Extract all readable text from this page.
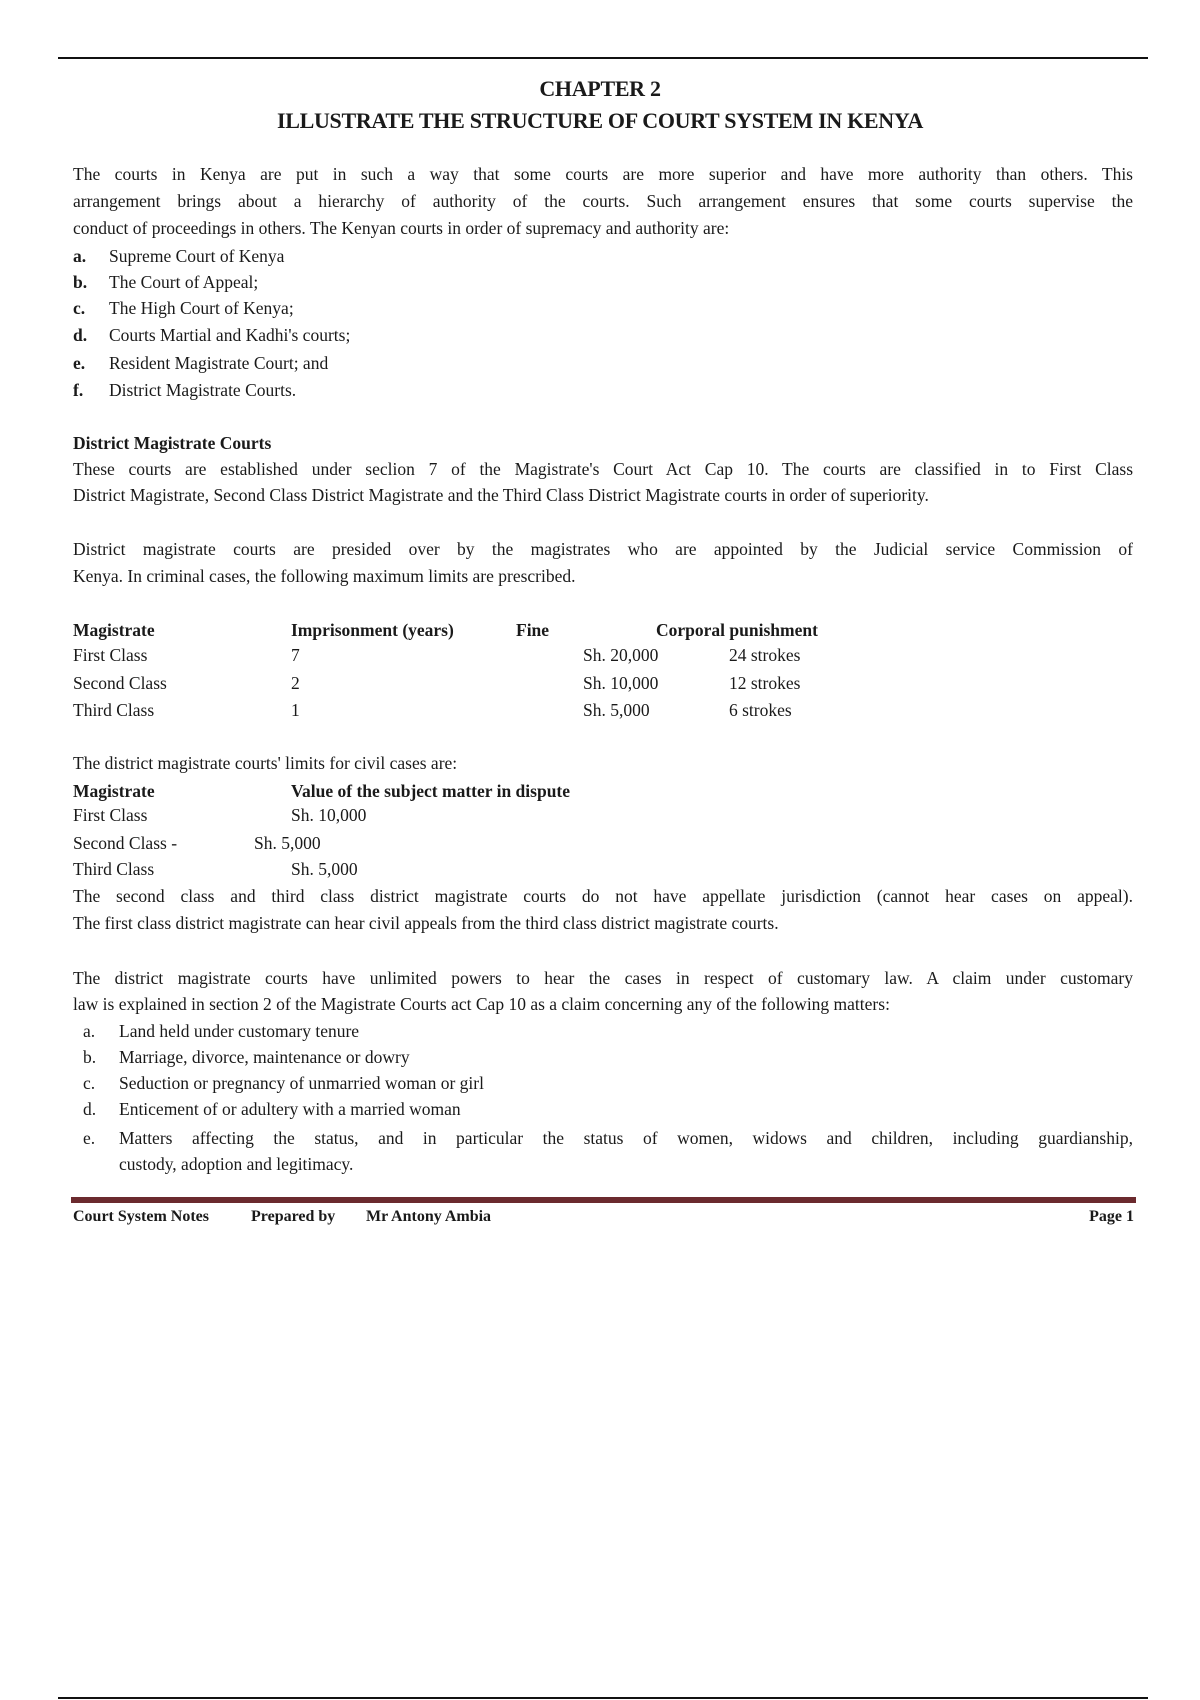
CHAPTER 2
ILLUSTRATE THE STRUCTURE OF COURT SYSTEM IN KENYA
The courts in Kenya are put in such a way that some courts are more superior and have more authority than others. This
arrangement brings about a hierarchy of authority of the courts. Such arrangement ensures that some courts supervise the
conduct of proceedings in others. The Kenyan courts in order of supremacy and authority are:
a. Supreme Court of Kenya
b. The Court of Appeal;
c. The High Court of Kenya;
d. Courts Martial and Kadhi's courts;
e. Resident Magistrate Court; and
f. District Magistrate Courts.
District Magistrate Courts
These courts are established under seclion 7 of the Magistrate's Court Act Cap 10. The courts are classified in to First Class
District Magistrate, Second Class District Magistrate and the Third Class District Magistrate courts in order of superiority.
District magistrate courts are presided over by the magistrates who are appointed by the Judicial service Commission of
Kenya. In criminal cases, the following maximum limits are prescribed.
Magistrate	Imprisonment (years)	Fine	Corporal punishment
First Class	7	Sh. 20,000	24 strokes
Second Class	2	Sh. 10,000	12 strokes
Third Class	1	Sh. 5,000	6 strokes
The district magistrate courts' limits for civil cases are:
Magistrate	Value of the subject matter in dispute
First Class	Sh. 10,000
Second Class -	Sh. 5,000
Third Class	Sh. 5,000
The second class and third class district magistrate courts do not have appellate jurisdiction (cannot hear cases on appeal).
The first class district magistrate can hear civil appeals from the third class district magistrate courts.
The district magistrate courts have unlimited powers to hear the cases in respect of customary law. A claim under customary
law is explained in section 2 of the Magistrate Courts act Cap 10 as a claim concerning any of the following matters:
a. Land held under customary tenure
b. Marriage, divorce, maintenance or dowry
c. Seduction or pregnancy of unmarried woman or girl
d. Enticement of or adultery with a married woman
e. Matters affecting the status, and in particular the status of women, widows and children, including guardianship,
custody, adoption and legitimacy.
Court System Notes	Prepared by Mr Antony Ambia	Page 1
